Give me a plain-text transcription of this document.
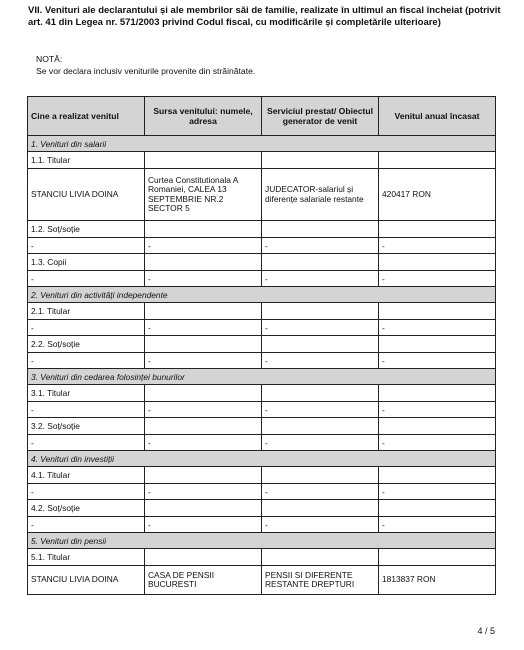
VII. Venituri ale declarantului și ale membrilor săi de familie, realizate în ultimul an fiscal încheiat (potrivit art. 41 din Legea nr. 571/2003 privind Codul fiscal, cu modificările și completările ulterioare)
NOTĂ:
Se vor declara inclusiv veniturile provenite din străinătate.
Cine a realizat venitul	Sursa venitului: numele, adresa	Serviciul prestat/ Obiectul generator de venit	Venitul anual încasat
1. Venituri din salarii			
1.1. Titular			
STANCIU LIVIA DOINA	Curtea Constitutionala A Romaniei, CALEA 13 SEPTEMBRIE NR.2 SECTOR 5	JUDECATOR-salariul și diferențe salariale restante	420417 RON
1.2. Soț/soție			
-	-	-	-
1.3. Copii			
-	-	-	-
2. Venituri din activități independente			
2.1. Titular			
-	-	-	-
2.2. Soț/soție			
-	-	-	-
3. Venituri din cedarea folosinței bunurilor			
3.1. Titular			
-	-	-	-
3.2. Soț/soție			
-	-	-	-
4. Venituri din investiții			
4.1. Titular			
-	-	-	-
4.2. Soț/soție			
-	-	-	-
5. Venituri din pensii			
5.1. Titular			
STANCIU LIVIA DOINA	CASA DE PENSII BUCURESTI	PENSII SI DIFERENTE RESTANTE DREPTURI	1813837 RON
4 / 5
